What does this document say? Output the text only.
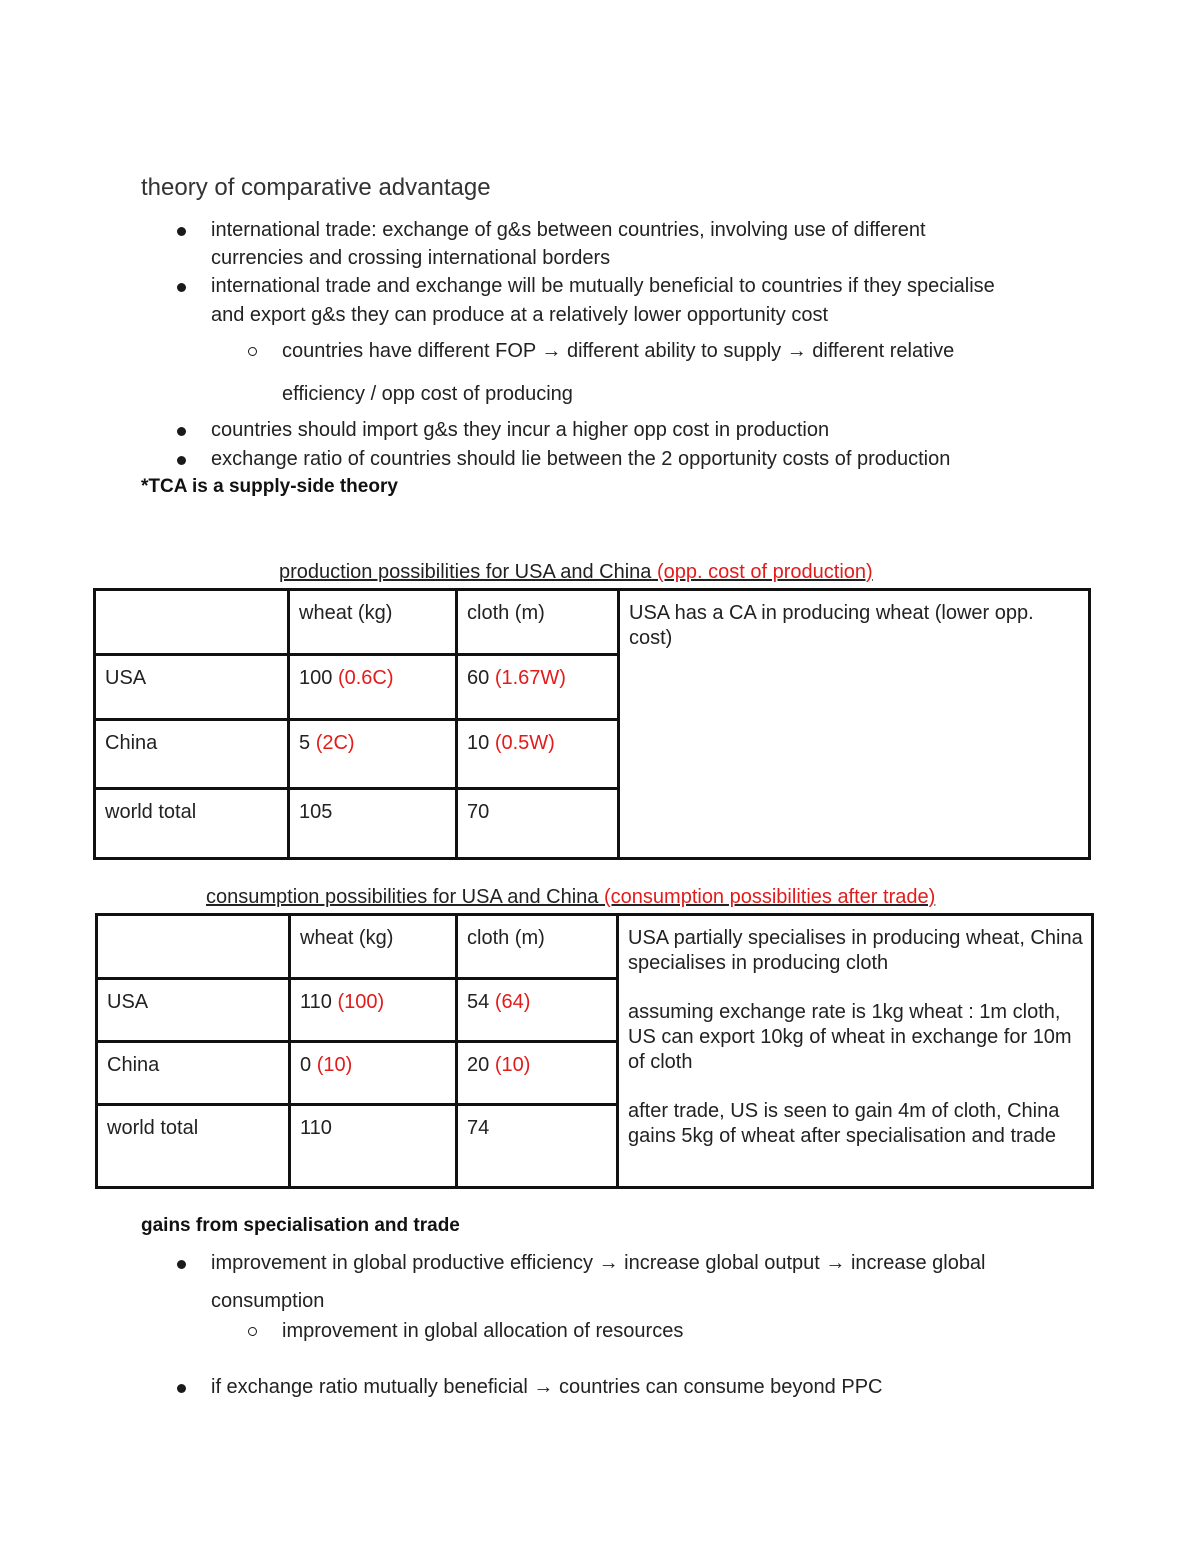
theory of comparative advantage
international trade: exchange of g&s between countries, involving use of different
currencies and crossing international borders
international trade and exchange will be mutually beneficial to countries if they specialise
and export g&s they can produce at a relatively lower opportunity cost
countries have different FOP → different ability to supply → different relative
efficiency / opp cost of producing
countries should import g&s they incur a higher opp cost in production
exchange ratio of countries should lie between the 2 opportunity costs of production
*TCA is a supply-side theory
production possibilities for USA and China (opp. cost of production)
	wheat (kg)	cloth (m)	USA has a CA in producing wheat (lower opp. cost)
USA	100 (0.6C)	60 (1.67W)	
China	5 (2C)	10 (0.5W)	
world total	105	70	
consumption possibilities for USA and China (consumption possibilities after trade)
	wheat (kg)	cloth (m)	USA partially specialises in producing wheat, China specialises in producing cloth

assuming exchange rate is 1kg wheat : 1m cloth, US can export 10kg of wheat in exchange for 10m of cloth

after trade, US is seen to gain 4m of cloth, China gains 5kg of wheat after specialisation and trade

USA	110 (100)	54 (64)	
China	0 (10)	20 (10)	
world total	110	74	
gains from specialisation and trade
improvement in global productive efficiency → increase global output → increase global
consumption
improvement in global allocation of resources
if exchange ratio mutually beneficial → countries can consume beyond PPC
